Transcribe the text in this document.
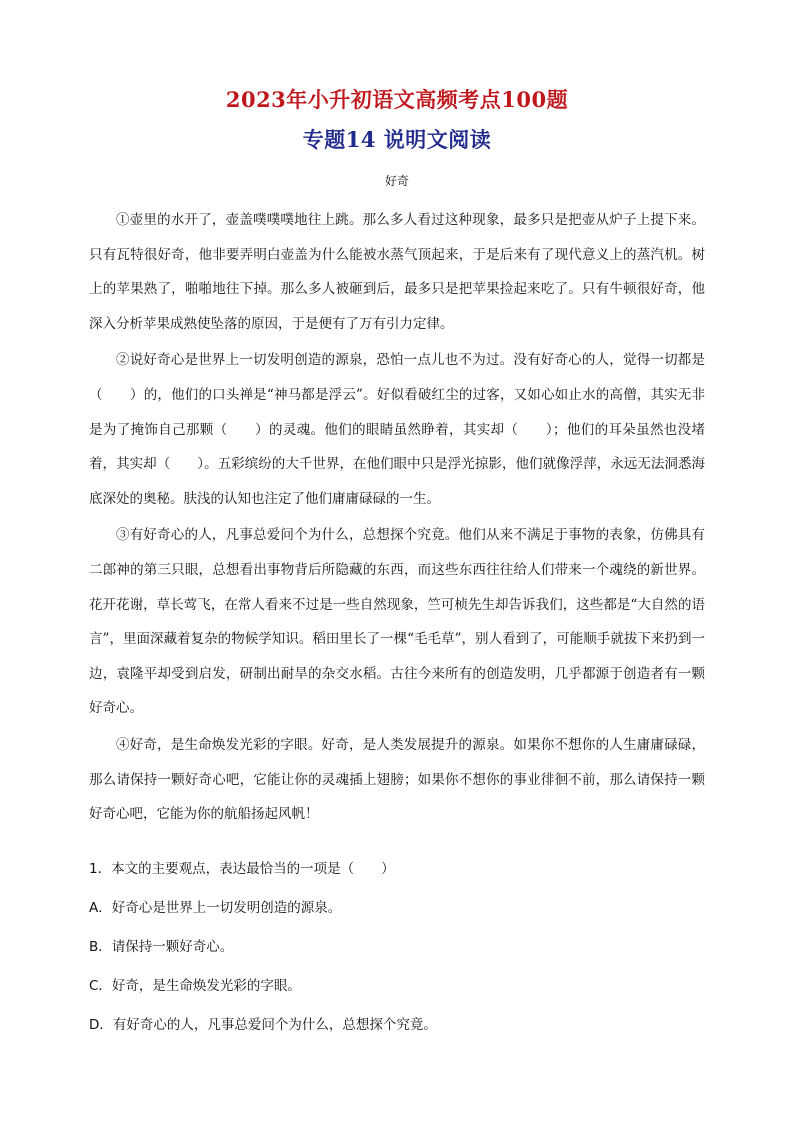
2023年小升初语文高频考点100题
专题14 说明文阅读
好奇

①壶里的水开了，壶盖噗噗噗地往上跳。那么多人看过这种现象，最多只是把壶从炉子上提下来。只有瓦特很好奇，他非要弄明白壶盖为什么能被水蒸气顶起来，于是后来有了现代意义上的蒸汽机。树上的苹果熟了，啪啪地往下掉。那么多人被砸到后，最多只是把苹果捡起来吃了。只有牛顿很好奇，他深入分析苹果成熟使坠落的原因，于是便有了万有引力定律。

②说好奇心是世界上一切发明创造的源泉，恐怕一点儿也不为过。没有好奇心的人，觉得一切都是（　　）的，他们的口头禅是“神马都是浮云”。好似看破红尘的过客，又如心如止水的高僧，其实无非是为了掩饰自己那颗（　　）的灵魂。他们的眼睛虽然睁着，其实却（　　）；他们的耳朵虽然也没堵着，其实却（　　）。五彩缤纷的大千世界，在他们眼中只是浮光掠影，他们就像浮萍，永远无法洞悉海底深处的奥秘。肤浅的认知也注定了他们庸庸碌碌的一生。

③有好奇心的人，凡事总爱问个为什么，总想探个究竟。他们从来不满足于事物的表象，仿佛具有二郎神的第三只眼，总想看出事物背后所隐藏的东西，而这些东西往往给人们带来一个魂绕的新世界。花开花谢，草长莺飞，在常人看来不过是一些自然现象，竺可桢先生却告诉我们，这些都是“大自然的语言”，里面深藏着复杂的物候学知识。稻田里长了一棵“毛毛草”，别人看到了，可能顺手就拔下来扔到一边，袁隆平却受到启发，研制出耐旱的杂交水稻。古往今来所有的创造发明，几乎都源于创造者有一颗好奇心。

④好奇，是生命焕发光彩的字眼。好奇，是人类发展提升的源泉。如果你不想你的人生庸庸碌碌，那么请保持一颗好奇心吧，它能让你的灵魂插上翅膀；如果你不想你的事业徘徊不前，那么请保持一颗好奇心吧，它能为你的航船扬起风帆！

1．本文的主要观点，表达最恰当的一项是（　　）
A．好奇心是世界上一切发明创造的源泉。
B．请保持一颗好奇心。
C．好奇，是生命焕发光彩的字眼。
D．有好奇心的人，凡事总爱问个为什么，总想探个究竟。
